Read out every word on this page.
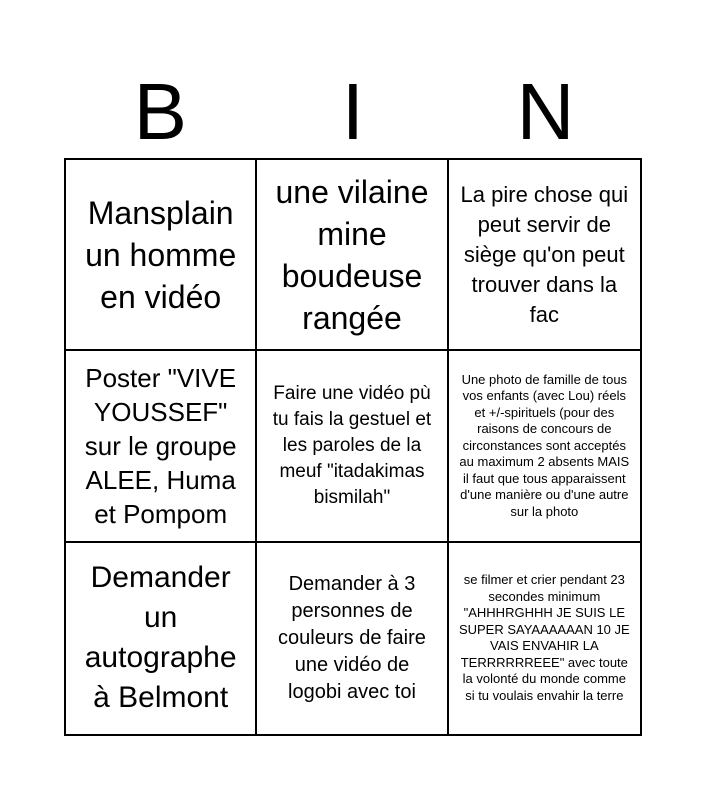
B	I	N
Mansplain un homme en vidéo
une vilaine mine boudeuse rangée
La pire chose qui peut servir de siège qu'on peut trouver dans la fac
Poster "VIVE YOUSSEF" sur le groupe ALEE, Huma et Pompom
Faire une vidéo pù tu fais la gestuel et les paroles de la meuf "itadakimas bismilah"
Une photo de famille de tous vos enfants (avec Lou) réels et +/-spirituels (pour des raisons de concours de circonstances sont acceptés au maximum 2 absents MAIS il faut que tous apparaissent d'une manière ou d'une autre sur la photo
Demander un autographe à Belmont
Demander à 3 personnes de couleurs de faire une vidéo de logobi avec toi
se filmer et crier pendant 23 secondes minimum "AHHHRGHHH JE SUIS LE SUPER SAYAAAAAAN 10 JE VAIS ENVAHIR LA TERRRRRREEE" avec toute la volonté du monde comme si tu voulais envahir la terre
